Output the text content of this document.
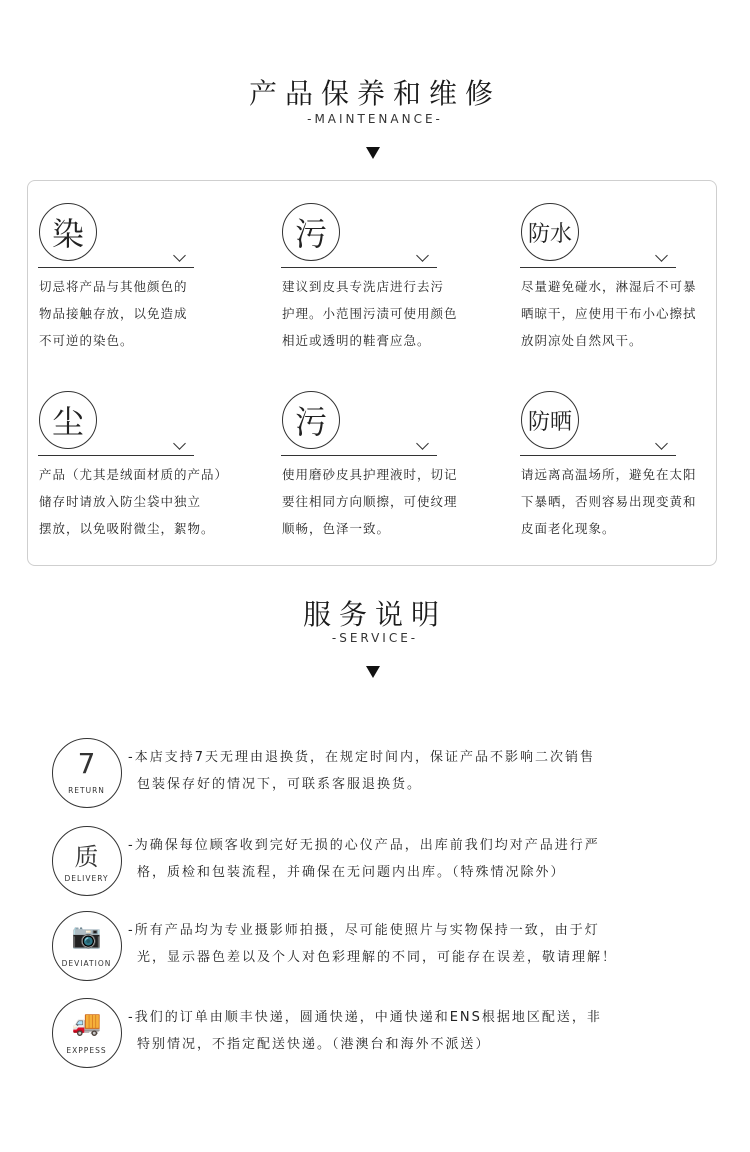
产品保养和维修
-MAINTENANCE-
染
切忌将产品与其他颜色的
物品接触存放，以免造成
不可逆的染色。
污
建议到皮具专洗店进行去污
护理。小范围污渍可使用颜色
相近或透明的鞋膏应急。
防水
尽量避免碰水，淋湿后不可暴
晒晾干，应使用干布小心擦拭
放阴凉处自然风干。
尘
产品（尤其是绒面材质的产品）
储存时请放入防尘袋中独立
摆放，以免吸附微尘，絮物。
污
使用磨砂皮具护理液时，切记
要往相同方向顺擦，可使纹理
顺畅，色泽一致。
防晒
请远离高温场所，避免在太阳
下暴晒，否则容易出现变黄和
皮面老化现象。
服务说明
-SERVICE-
7
RETURN
-本店支持7天无理由退换货，在规定时间内，保证产品不影响二次销售
包装保存好的情况下，可联系客服退换货。
质
DELIVERY
-为确保每位顾客收到完好无损的心仪产品，出库前我们均对产品进行严
格，质检和包装流程，并确保在无问题内出库。（特殊情况除外）
📷
DEVIATION
-所有产品均为专业摄影师拍摄，尽可能使照片与实物保持一致，由于灯
光，显示器色差以及个人对色彩理解的不同，可能存在误差，敬请理解！
🚚
EXPPESS
-我们的订单由顺丰快递，圆通快递，中通快递和ENS根据地区配送，非
特别情况，不指定配送快递。（港澳台和海外不派送）
